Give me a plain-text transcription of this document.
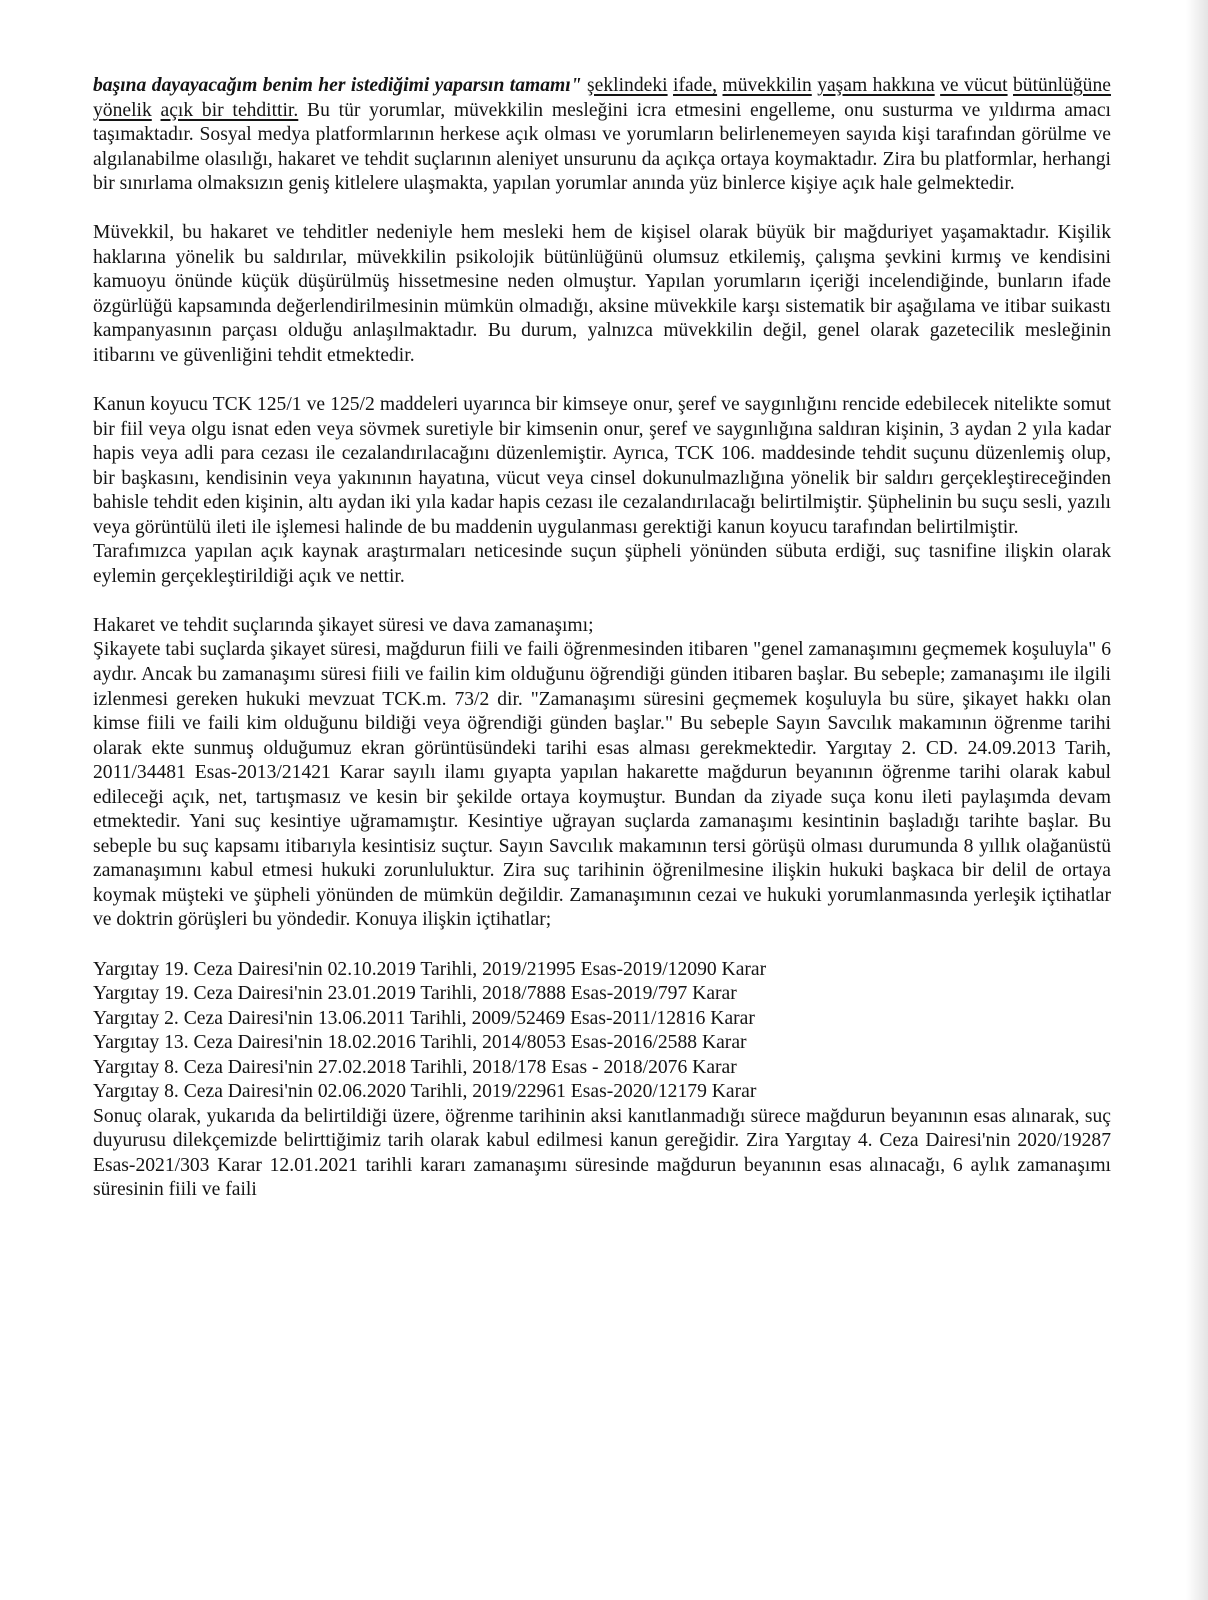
başına dayayacağım benim her istediğimi yaparsın tamamı" şeklindeki ifade, müvekkilin yaşam hakkına ve vücut bütünlüğüne yönelik açık bir tehdittir. Bu tür yorumlar, müvekkilin mesleğini icra etmesini engelleme, onu susturma ve yıldırma amacı taşımaktadır. Sosyal medya platformlarının herkese açık olması ve yorumların belirlenemeyen sayıda kişi tarafından görülme ve algılanabilme olasılığı, hakaret ve tehdit suçlarının aleniyet unsurunu da açıkça ortaya koymaktadır. Zira bu platformlar, herhangi bir sınırlama olmaksızın geniş kitlelere ulaşmakta, yapılan yorumlar anında yüz binlerce kişiye açık hale gelmektedir.

Müvekkil, bu hakaret ve tehditler nedeniyle hem mesleki hem de kişisel olarak büyük bir mağduriyet yaşamaktadır. Kişilik haklarına yönelik bu saldırılar, müvekkilin psikolojik bütünlüğünü olumsuz etkilemiş, çalışma şevkini kırmış ve kendisini kamuoyu önünde küçük düşürülmüş hissetmesine neden olmuştur. Yapılan yorumların içeriği incelendiğinde, bunların ifade özgürlüğü kapsamında değerlendirilmesinin mümkün olmadığı, aksine müvekkile karşı sistematik bir aşağılama ve itibar suikastı kampanyasının parçası olduğu anlaşılmaktadır. Bu durum, yalnızca müvekkilin değil, genel olarak gazetecilik mesleğinin itibarını ve güvenliğini tehdit etmektedir.

Kanun koyucu TCK 125/1 ve 125/2 maddeleri uyarınca bir kimseye onur, şeref ve saygınlığını rencide edebilecek nitelikte somut bir fiil veya olgu isnat eden veya sövmek suretiyle bir kimsenin onur, şeref ve saygınlığına saldıran kişinin, 3 aydan 2 yıla kadar hapis veya adli para cezası ile cezalandırılacağını düzenlemiştir. Ayrıca, TCK 106. maddesinde tehdit suçunu düzenlemiş olup, bir başkasını, kendisinin veya yakınının hayatına, vücut veya cinsel dokunulmazlığına yönelik bir saldırı gerçekleştireceğinden bahisle tehdit eden kişinin, altı aydan iki yıla kadar hapis cezası ile cezalandırılacağı belirtilmiştir. Şüphelinin bu suçu sesli, yazılı veya görüntülü ileti ile işlemesi halinde de bu maddenin uygulanması gerektiği kanun koyucu tarafından belirtilmiştir.

Tarafımızca yapılan açık kaynak araştırmaları neticesinde suçun şüpheli yönünden sübuta erdiği, suç tasnifine ilişkin olarak eylemin gerçekleştirildiği açık ve nettir.

Hakaret ve tehdit suçlarında şikayet süresi ve dava zamanaşımı;

Şikayete tabi suçlarda şikayet süresi, mağdurun fiili ve faili öğrenmesinden itibaren "genel zamanaşımını geçmemek koşuluyla" 6 aydır. Ancak bu zamanaşımı süresi fiili ve failin kim olduğunu öğrendiği günden itibaren başlar. Bu sebeple; zamanaşımı ile ilgili izlenmesi gereken hukuki mevzuat TCK.m. 73/2 dir. "Zamanaşımı süresini geçmemek koşuluyla bu süre, şikayet hakkı olan kimse fiili ve faili kim olduğunu bildiği veya öğrendiği günden başlar." Bu sebeple Sayın Savcılık makamının öğrenme tarihi olarak ekte sunmuş olduğumuz ekran görüntüsündeki tarihi esas alması gerekmektedir. Yargıtay 2. CD. 24.09.2013 Tarih, 2011/34481 Esas-2013/21421 Karar sayılı ilamı gıyapta yapılan hakarette mağdurun beyanının öğrenme tarihi olarak kabul edileceği açık, net, tartışmasız ve kesin bir şekilde ortaya koymuştur. Bundan da ziyade suça konu ileti paylaşımda devam etmektedir. Yani suç kesintiye uğramamıştır. Kesintiye uğrayan suçlarda zamanaşımı kesintinin başladığı tarihte başlar. Bu sebeple bu suç kapsamı itibarıyla kesintisiz suçtur. Sayın Savcılık makamının tersi görüşü olması durumunda 8 yıllık olağanüstü zamanaşımını kabul etmesi hukuki zorunluluktur. Zira suç tarihinin öğrenilmesine ilişkin hukuki başkaca bir delil de ortaya koymak müşteki ve şüpheli yönünden de mümkün değildir. Zamanaşımının cezai ve hukuki yorumlanmasında yerleşik içtihatlar ve doktrin görüşleri bu yöndedir. Konuya ilişkin içtihatlar;

Yargıtay 19. Ceza Dairesi'nin 02.10.2019 Tarihli, 2019/21995 Esas-2019/12090 Karar
Yargıtay 19. Ceza Dairesi'nin 23.01.2019 Tarihli, 2018/7888 Esas-2019/797 Karar
Yargıtay 2. Ceza Dairesi'nin 13.06.2011 Tarihli, 2009/52469 Esas-2011/12816 Karar
Yargıtay 13. Ceza Dairesi'nin 18.02.2016 Tarihli, 2014/8053 Esas-2016/2588 Karar
Yargıtay 8. Ceza Dairesi'nin 27.02.2018 Tarihli, 2018/178 Esas - 2018/2076 Karar
Yargıtay 8. Ceza Dairesi'nin 02.06.2020 Tarihli, 2019/22961 Esas-2020/12179 Karar

Sonuç olarak, yukarıda da belirtildiği üzere, öğrenme tarihinin aksi kanıtlanmadığı sürece mağdurun beyanının esas alınarak, suç duyurusu dilekçemizde belirttiğimiz tarih olarak kabul edilmesi kanun gereğidir. Zira Yargıtay 4. Ceza Dairesi'nin 2020/19287 Esas-2021/303 Karar 12.01.2021 tarihli kararı zamanaşımı süresinde mağdurun beyanının esas alınacağı, 6 aylık zamanaşımı süresinin fiili ve faili
